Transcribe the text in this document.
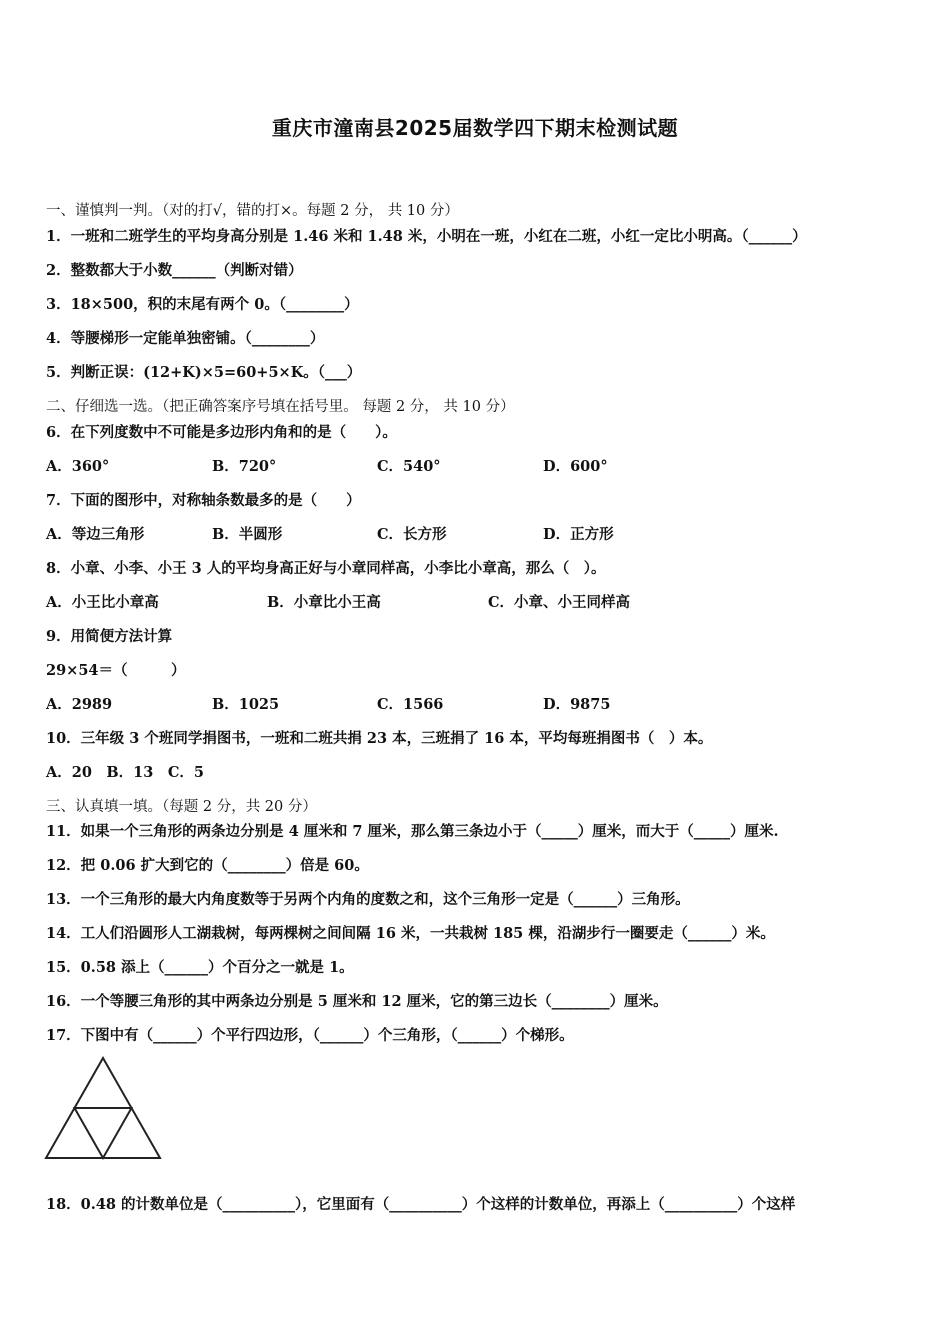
重庆市潼南县2025届数学四下期末检测试题
一、谨慎判一判。（对的打√，错的打×。每题 2 分， 共 10 分）
1．一班和二班学生的平均身高分别是 1.46 米和 1.48 米，小明在一班，小红在二班，小红一定比小明高。（______）
2．整数都大于小数______（判断对错）
3．18×500，积的末尾有两个 0。（________）
4．等腰梯形一定能单独密铺。（________）
5．判断正误：(12+K)×5=60+5×K。（___）
二、仔细选一选。（把正确答案序号填在括号里。 每题 2 分， 共 10 分）
6．在下列度数中不可能是多边形内角和的是（　　）。
A．360°	B．720°	C．540°	D．600°
7．下面的图形中，对称轴条数最多的是（　　）
A．等边三角形	B．半圆形	C．长方形	D．正方形
8．小章、小李、小王 3 人的平均身高正好与小章同样高，小李比小章高，那么（　）。
A．小王比小章高	B．小章比小王高	C．小章、小王同样高
9．用简便方法计算
29×54＝（　　　）
A．2989	B．1025	C．1566	D．9875
10．三年级 3 个班同学捐图书，一班和二班共捐 23 本，三班捐了 16 本，平均每班捐图书（　）本。
A．20　B．13　C．5
三、认真填一填。（每题 2 分，共 20 分）
11．如果一个三角形的两条边分别是 4 厘米和 7 厘米，那么第三条边小于（_____）厘米，而大于（_____）厘米.
12．把 0.06 扩大到它的（________）倍是 60。
13．一个三角形的最大内角度数等于另两个内角的度数之和，这个三角形一定是（______）三角形。
14．工人们沿圆形人工湖栽树，每两棵树之间间隔 16 米，一共栽树 185 棵，沿湖步行一圈要走（______）米。
15．0.58 添上（______）个百分之一就是 1。
16．一个等腰三角形的其中两条边分别是 5 厘米和 12 厘米，它的第三边长（________）厘米。
17．下图中有（______）个平行四边形，（______）个三角形，（______）个梯形。
18．0.48 的计数单位是（__________），它里面有（__________）个这样的计数单位，再添上（__________）个这样
